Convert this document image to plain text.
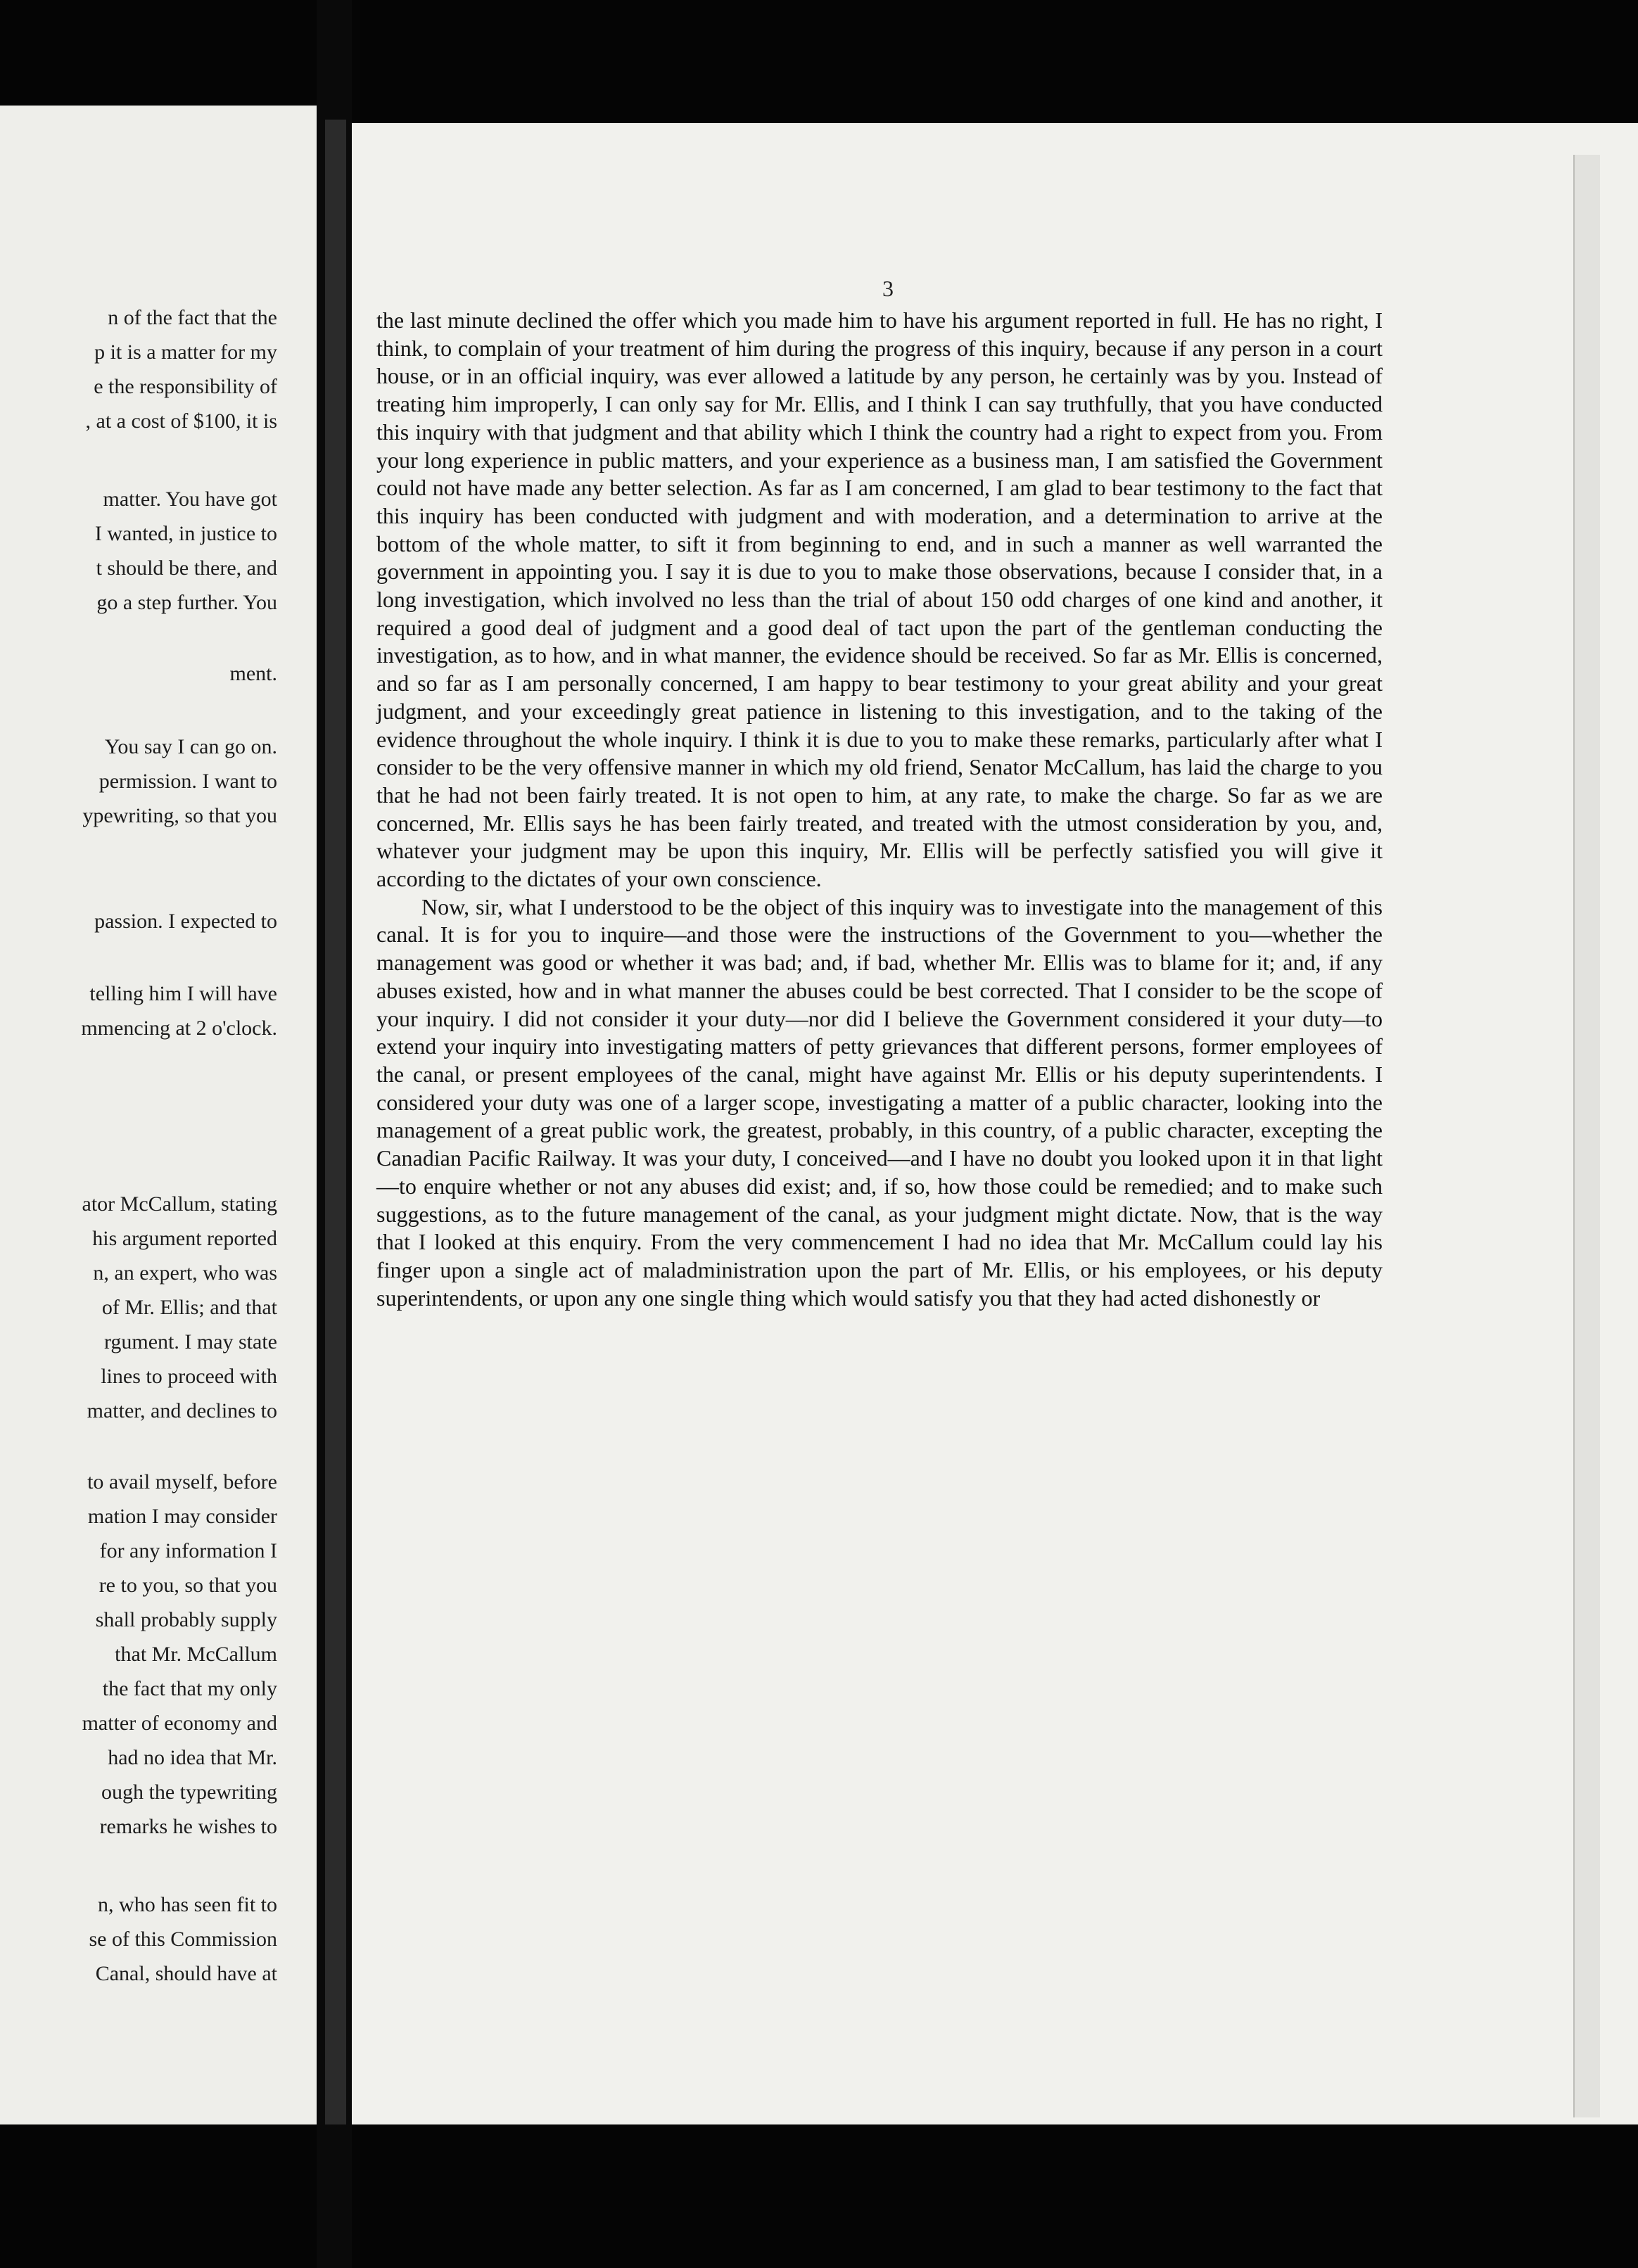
n of the fact that the
p it is a matter for my
e the responsibility of
, at a cost of $100, it is
matter. You have got
I wanted, in justice to
t should be there, and
go a step further. You
ment.
You say I can go on.
permission. I want to
ypewriting, so that you
passion. I expected to
telling him I will have
mmencing at 2 o'clock.
ator McCallum, stating
his argument reported
n, an expert, who was
of Mr. Ellis; and that
rgument. I may state
lines to proceed with
matter, and declines to
to avail myself, before
mation I may consider
for any information I
re to you, so that you
shall probably supply
that Mr. McCallum
the fact that my only
matter of economy and
had no idea that Mr.
ough the typewriting
remarks he wishes to
n, who has seen fit to
se of this Commission
Canal, should have at

3

the last minute declined the offer which you made him to have his argument reported in full. He has no right, I think, to complain of your treatment of him during the progress of this inquiry, because if any person in a court house, or in an official inquiry, was ever allowed a latitude by any person, he certainly was by you. Instead of treating him improperly, I can only say for Mr. Ellis, and I think I can say truthfully, that you have conducted this inquiry with that judgment and that ability which I think the country had a right to expect from you. From your long experience in public matters, and your experience as a business man, I am satisfied the Government could not have made any better selection. As far as I am concerned, I am glad to bear testimony to the fact that this inquiry has been conducted with judgment and with moderation, and a determination to arrive at the bottom of the whole matter, to sift it from beginning to end, and in such a manner as well warranted the government in appointing you. I say it is due to you to make those observations, because I consider that, in a long investigation, which involved no less than the trial of about 150 odd charges of one kind and another, it required a good deal of judgment and a good deal of tact upon the part of the gentleman conducting the investigation, as to how, and in what manner, the evidence should be received. So far as Mr. Ellis is concerned, and so far as I am personally concerned, I am happy to bear testimony to your great ability and your great judgment, and your exceedingly great patience in listening to this investigation, and to the taking of the evidence throughout the whole inquiry. I think it is due to you to make these remarks, particularly after what I consider to be the very offensive manner in which my old friend, Senator McCallum, has laid the charge to you that he had not been fairly treated. It is not open to him, at any rate, to make the charge. So far as we are concerned, Mr. Ellis says he has been fairly treated, and treated with the utmost consideration by you, and, whatever your judgment may be upon this inquiry, Mr. Ellis will be perfectly satisfied you will give it according to the dictates of your own conscience.

Now, sir, what I understood to be the object of this inquiry was to investigate into the management of this canal. It is for you to inquire—and those were the instructions of the Government to you—whether the management was good or whether it was bad; and, if bad, whether Mr. Ellis was to blame for it; and, if any abuses existed, how and in what manner the abuses could be best corrected. That I consider to be the scope of your inquiry. I did not consider it your duty—nor did I believe the Government considered it your duty—to extend your inquiry into investigating matters of petty grievances that different persons, former employees of the canal, or present employees of the canal, might have against Mr. Ellis or his deputy superintendents. I considered your duty was one of a larger scope, investigating a matter of a public character, looking into the management of a great public work, the greatest, probably, in this country, of a public character, excepting the Canadian Pacific Railway. It was your duty, I conceived—and I have no doubt you looked upon it in that light—to enquire whether or not any abuses did exist; and, if so, how those could be remedied; and to make such suggestions, as to the future management of the canal, as your judgment might dictate. Now, that is the way that I looked at this enquiry. From the very commencement I had no idea that Mr. McCallum could lay his finger upon a single act of maladministration upon the part of Mr. Ellis, or his employees, or his deputy superintendents, or upon any one single thing which would satisfy you that they had acted dishonestly or
